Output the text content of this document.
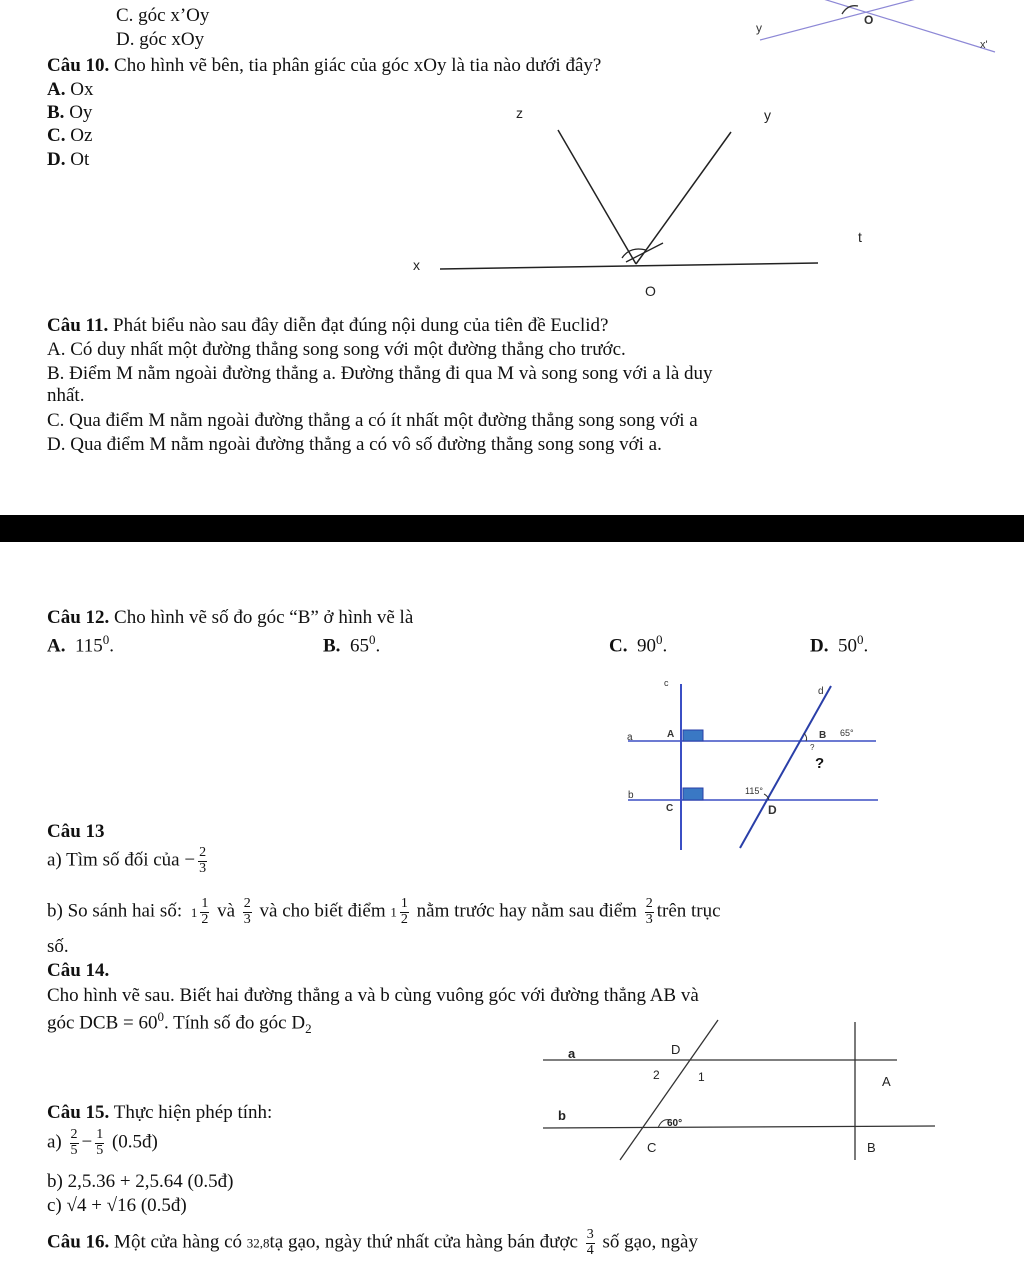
C. góc x’Oy
D. góc xOy
y
O
x'
Câu 10. Cho hình vẽ bên, tia phân giác của góc xOy là tia nào dưới đây?
A. Ox
B. Oy
C. Oz
D. Ot
z	y
t
x
O
Câu 11. Phát biểu nào sau đây diễn đạt đúng nội dung của tiên đề Euclid?
A. Có duy nhất một đường thẳng song song với một đường thẳng cho trước.
B. Điểm M nằm ngoài đường thẳng a. Đường thẳng đi qua M và song song với a là duy
nhất.
C. Qua điểm M nằm ngoài đường thẳng a có ít nhất một đường thẳng song song với a
D. Qua điểm M nằm ngoài đường thẳng a có vô số đường thẳng song song với a.
Câu 12. Cho hình vẽ số đo góc “B” ở hình vẽ là
A. $115^0$.	B. $65^0$.	C. $90^0$.	D. $50^0$.
c
d
a
b
A	B
C	D
65°
115°
?
?
Câu 13
a) Tìm số đối của − $\frac{2}{3}$
b) So sánh hai số: $1 \frac{1}{2}$ và $\frac{2}{3}$ và cho biết điểm $1 \frac{1}{2}$ nằm trước hay nằm sau điểm $\frac{2}{3}$ trên trục
số.
Câu 14.
Cho hình vẽ sau. Biết hai đường thẳng a và b cùng vuông góc với đường thẳng AB và
góc DCB = $60^0$. Tính số đo góc $D_2$
a
b
D
2	1	A
C	B
60°
Câu 15. Thực hiện phép tính:
$a) \frac{2}{5} - \frac{1}{5}$ (0.5đ)
b) 2,5.36 + 2,5.64 (0.5đ)
c) √4 + √16 (0.5đ)
Câu 16. Một cửa hàng có 32,8tạ gạo, ngày thứ nhất cửa hàng bán được $\frac{3}{4}$ số gạo, ngày
